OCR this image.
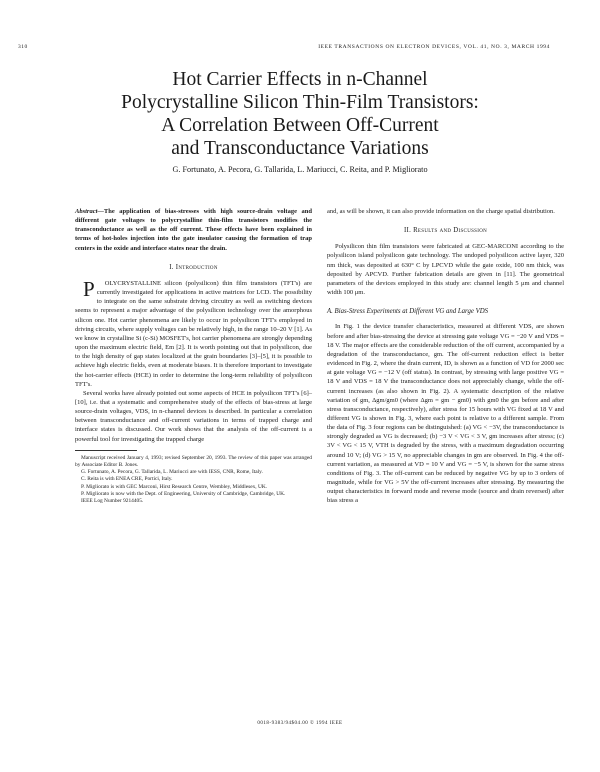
310	IEEE TRANSACTIONS ON ELECTRON DEVICES, VOL. 41, NO. 3, MARCH 1994
Hot Carrier Effects in n-Channel
Polycrystalline Silicon Thin-Film Transistors:
A Correlation Between Off-Current
and Transconductance Variations
G. Fortunato, A. Pecora, G. Tallarida, L. Mariucci, C. Reita, and P. Migliorato

Abstract—The application of bias-stresses with high source-drain voltage and different gate voltages to polycrystalline thin-film transistors modifies the transconductance as well as the off current. These effects have been explained in terms of hot-holes injection into the gate insulator causing the formation of trap centers in the oxide and interface states near the drain.

I. Introduction

P OLYCRYSTALLINE silicon (polysilicon) thin film transistors (TFT's) are currently investigated for applications in active matrices for LCD. The possibility to integrate on the same substrate driving circuitry as well as switching devices seems to represent a major advantage of the polysilicon technology over the amorphous silicon one. Hot carrier phenomena are likely to occur in polysilicon TFT's employed in driving circuits, where supply voltages can be relatively high, in the range 10–20 V [1]. As we know in crystalline Si (c-Si) MOSFET's, hot carrier phenomena are strongly depending upon the maximum electric field, Em [2]. It is worth pointing out that in polysilicon, due to the high density of gap states localized at the grain boundaries [3]–[5], it is possible to achieve high electric fields, even at moderate biases. It is therefore important to investigate the hot-carrier effects (HCE) in order to determine the long-term reliability of polysilicon TFT's.

Several works have already pointed out some aspects of HCE in polysilicon TFT's [6]–[10], i.e. that a systematic and comprehensive study of the effects of bias-stress at large source-drain voltages, VDS, in n-channel devices is described. In particular a correlation between transconductance and off-current variations in terms of trapped charge and interface states is discussed. Our work shows that the analysis of the off-current is a powerful tool for investigating the trapped charge

Manuscript received January 4, 1993; revised September 20, 1993. The review of this paper was arranged by Associate Editor B. Jones.

G. Fortunato, A. Pecora, G. Tallarida, L. Mariucci are with IESS, CNR, Rome, Italy.

C. Reita is with ENEA CRE, Portici, Italy.

P. Migliorato is with GEC Marconi, Hirst Research Centre, Wembley, Middlesex, UK.

P. Migliorato is now with the Dept. of Engineering, University of Cambridge, Cambridge, UK.

IEEE Log Number 9214405.

and, as will be shown, it can also provide information on the charge spatial distribution.

II. Results and Discussion

Polysilicon thin film transistors were fabricated at GEC-MARCONI according to the polysilicon island polysilicon gate technology. The undoped polysilicon active layer, 320 nm thick, was deposited at 630° C by LPCVD while the gate oxide, 100 nm thick, was deposited by APCVD. Further fabrication details are given in [11]. The geometrical parameters of the devices employed in this study are: channel length 5 μm and channel width 100 μm.

A. Bias-Stress Experiments at Different VG and Large VDS

In Fig. 1 the device transfer characteristics, measured at different VDS, are shown before and after bias-stressing the device at stressing gate voltage VG = −20 V and VDS = 18 V. The major effects are the considerable reduction of the off current, accompanied by a degradation of the transconductance, gm. The off-current reduction effect is better evidenced in Fig. 2, where the drain current, ID, is shown as a function of VD for 2000 sec at gate voltage VG = −12 V (off status). In contrast, by stressing with large positive VG = 18 V and VDS = 18 V the transconductance does not appreciably change, while the off-current increases (as also shown in Fig. 2). A systematic description of the relative variation of gm, Δgm/gm0 (where Δgm = gm − gm0) with gm0 the gm before and after stress transconductance, respectively), after stress for 15 hours with VG fixed at 18 V and different VG is shown in Fig. 3, where each point is relative to a different sample. From the data of Fig. 3 four regions can be distinguished: (a) VG < −3V, the transconductance is strongly degraded as VG is decreased; (b) −3 V < VG < 3 V, gm increases after stress; (c) 3V < VG < 15 V, VTH is degraded by the stress, with a maximum degradation occurring around 10 V; (d) VG > 15 V, no appreciable changes in gm are observed. In Fig. 4 the off-current variation, as measured at VD = 10 V and VG = −5 V, is shown for the same stress conditions of Fig. 3. The off-current can be reduced by negative VG by up to 3 orders of magnitude, while for VG > 5V the off-current increases after stressing. By measuring the output characteristics in forward mode and reverse mode (source and drain reversed) after bias stress a

0018-9383/94$04.00 © 1994 IEEE
